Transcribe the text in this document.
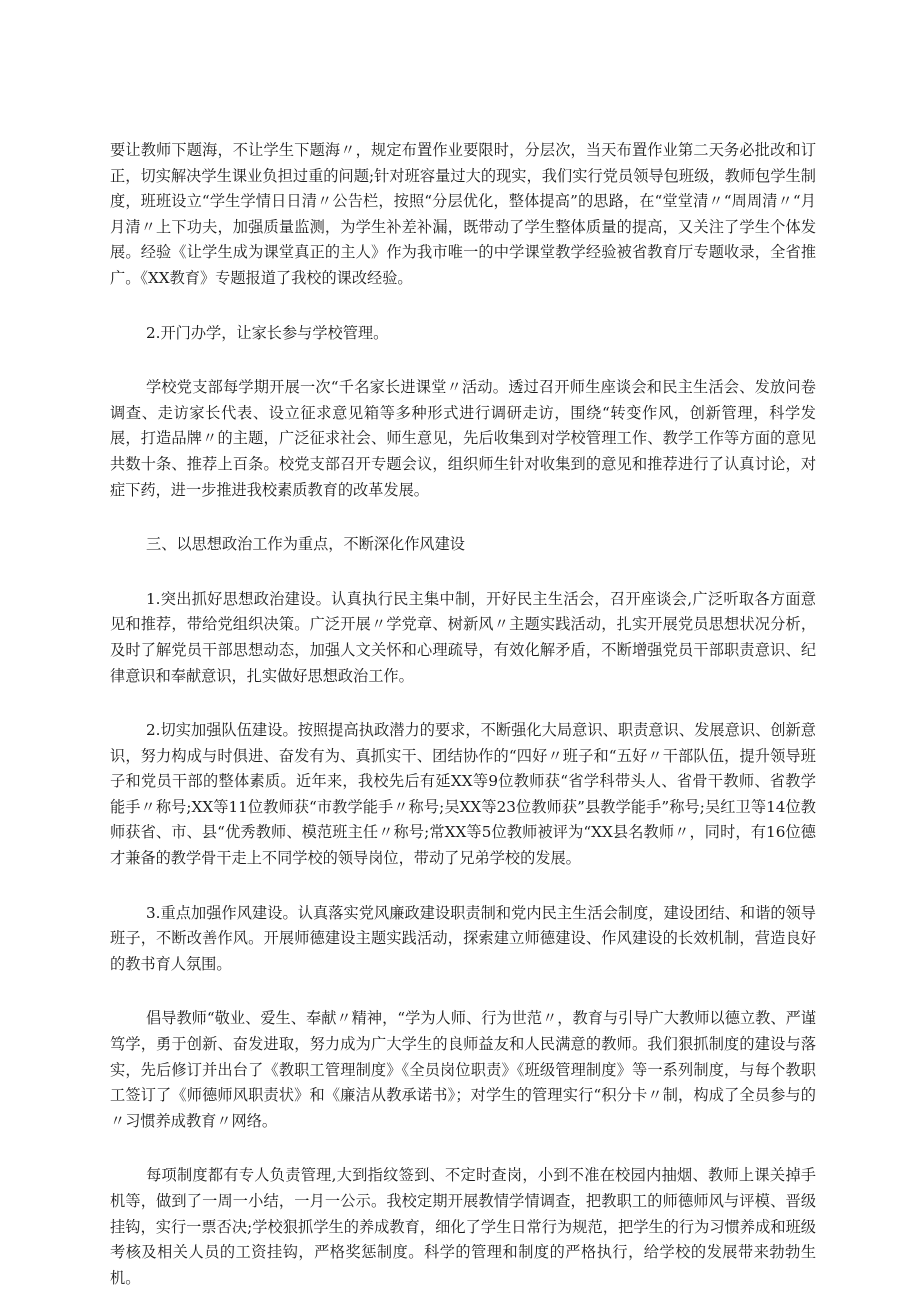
要让教师下题海，不让学生下题海〃，规定布置作业要限时，分层次，当天布置作业第二天务必批改和订正，切实解决学生课业负担过重的问题;针对班容量过大的现实，我们实行党员领导包班级，教师包学生制度，班班设立“学生学情日日清〃公告栏，按照“分层优化，整体提高”的思路，在“堂堂清〃“周周清〃“月月清〃上下功夫，加强质量监测，为学生补差补漏，既带动了学生整体质量的提高，又关注了学生个体发展。经验《让学生成为课堂真正的主人》作为我市唯一的中学课堂教学经验被省教育厅专题收录，全省推广。《XX教育》专题报道了我校的课改经验。

2.开门办学，让家长参与学校管理。

学校党支部每学期开展一次“千名家长进课堂〃活动。透过召开师生座谈会和民主生活会、发放问卷调查、走访家长代表、设立征求意见箱等多种形式进行调研走访，围绕“转变作风，创新管理，科学发展，打造品牌〃的主题，广泛征求社会、师生意见，先后收集到对学校管理工作、教学工作等方面的意见共数十条、推荐上百条。校党支部召开专题会议，组织师生针对收集到的意见和推荐进行了认真讨论，对症下药，进一步推进我校素质教育的改革发展。

三、以思想政治工作为重点，不断深化作风建设

1.突出抓好思想政治建设。认真执行民主集中制，开好民主生活会，召开座谈会,广泛听取各方面意见和推荐，带给党组织决策。广泛开展〃学党章、树新风〃主题实践活动，扎实开展党员思想状况分析，及时了解党员干部思想动态，加强人文关怀和心理疏导，有效化解矛盾，不断增强党员干部职责意识、纪律意识和奉献意识，扎实做好思想政治工作。

2.切实加强队伍建设。按照提高执政潜力的要求，不断强化大局意识、职责意识、发展意识、创新意识，努力构成与时俱进、奋发有为、真抓实干、团结协作的“四好〃班子和“五好〃干部队伍，提升领导班子和党员干部的整体素质。近年来，我校先后有延XX等9位教师获“省学科带头人、省骨干教师、省教学能手〃称号;XX等11位教师获“市教学能手〃称号;吴XX等23位教师获”县教学能手”称号;吴红卫等14位教师获省、市、县“优秀教师、模范班主任〃称号;常XX等5位教师被评为“XX县名教师〃，同时，有16位德才兼备的教学骨干走上不同学校的领导岗位，带动了兄弟学校的发展。

3.重点加强作风建设。认真落实党风廉政建设职责制和党内民主生活会制度，建设团结、和谐的领导班子，不断改善作风。开展师德建设主题实践活动，探索建立师德建设、作风建设的长效机制，营造良好的教书育人氛围。

倡导教师“敬业、爱生、奉献〃精神，“学为人师、行为世范〃，教育与引导广大教师以德立教、严谨笃学，勇于创新、奋发进取，努力成为广大学生的良师益友和人民满意的教师。我们狠抓制度的建设与落实，先后修订并出台了《教职工管理制度》《全员岗位职责》《班级管理制度》等一系列制度，与每个教职工签订了《师德师风职责状》和《廉洁从教承诺书》；对学生的管理实行“积分卡〃制，构成了全员参与的〃习惯养成教育〃网络。

每项制度都有专人负责管理,大到指纹签到、不定时查岗，小到不准在校园内抽烟、教师上课关掉手机等，做到了一周一小结，一月一公示。我校定期开展教情学情调查，把教职工的师德师风与评模、晋级挂钩，实行一票否决;学校狠抓学生的养成教育，细化了学生日常行为规范，把学生的行为习惯养成和班级考核及相关人员的工资挂钩，严格奖惩制度。科学的管理和制度的严格执行，给学校的发展带来勃勃生机。
